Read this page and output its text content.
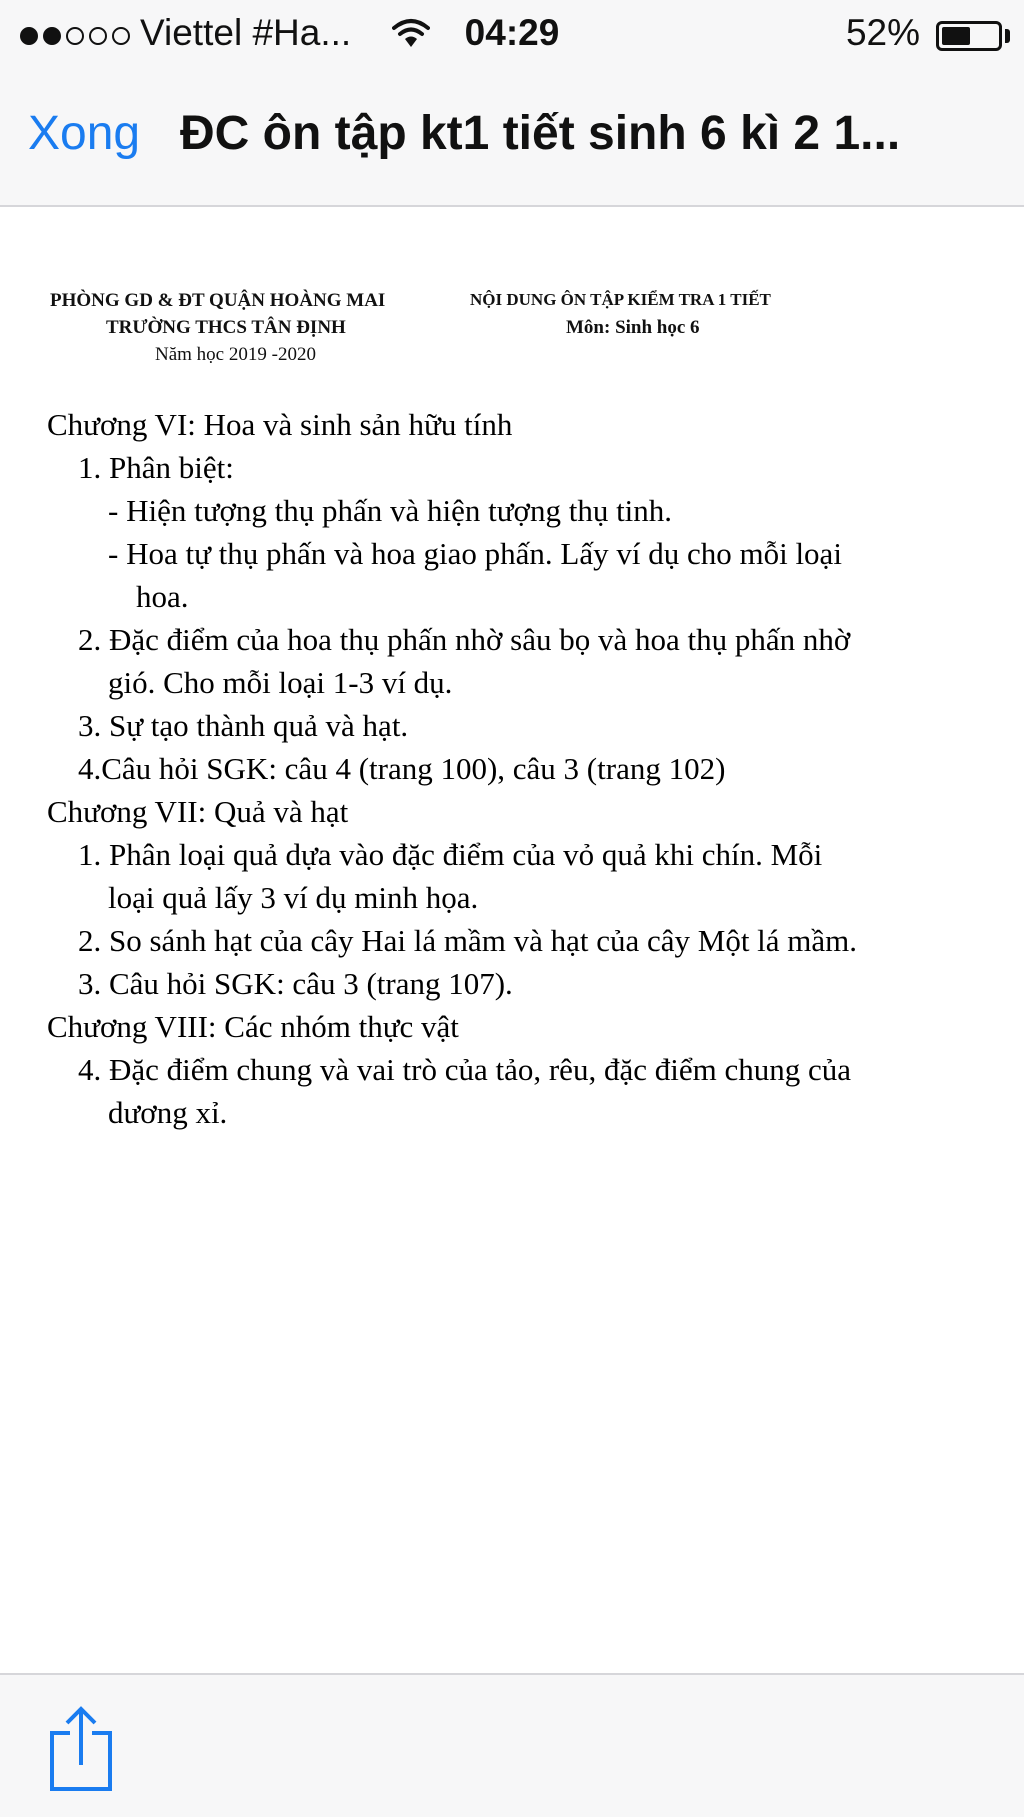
Viettel #Ha...	04:29	52%
Xong ĐC ôn tập kt1 tiết sinh 6 kì 2 1...
PHÒNG GD & ĐT QUẬN HOÀNG MAI
TRƯỜNG THCS TÂN ĐỊNH
Năm học 2019 -2020
NỘI DUNG ÔN TẬP KIỂM TRA 1 TIẾT
Môn: Sinh học 6
Chương VI: Hoa và sinh sản hữu tính
1. Phân biệt:
- Hiện tượng thụ phấn và hiện tượng thụ tinh.
- Hoa tự thụ phấn và hoa giao phấn. Lấy ví dụ cho mỗi loại
hoa.
2. Đặc điểm của hoa thụ phấn nhờ sâu bọ và hoa thụ phấn nhờ
gió. Cho mỗi loại 1-3 ví dụ.
3. Sự tạo thành quả và hạt.
4.Câu hỏi SGK: câu 4 (trang 100), câu 3 (trang 102)
Chương VII: Quả và hạt
1. Phân loại quả dựa vào đặc điểm của vỏ quả khi chín. Mỗi
loại quả lấy 3 ví dụ minh họa.
2. So sánh hạt của cây Hai lá mầm và hạt của cây Một lá mầm.
3. Câu hỏi SGK: câu 3 (trang 107).
Chương VIII: Các nhóm thực vật
4. Đặc điểm chung và vai trò của tảo, rêu, đặc điểm chung của
dương xỉ.
